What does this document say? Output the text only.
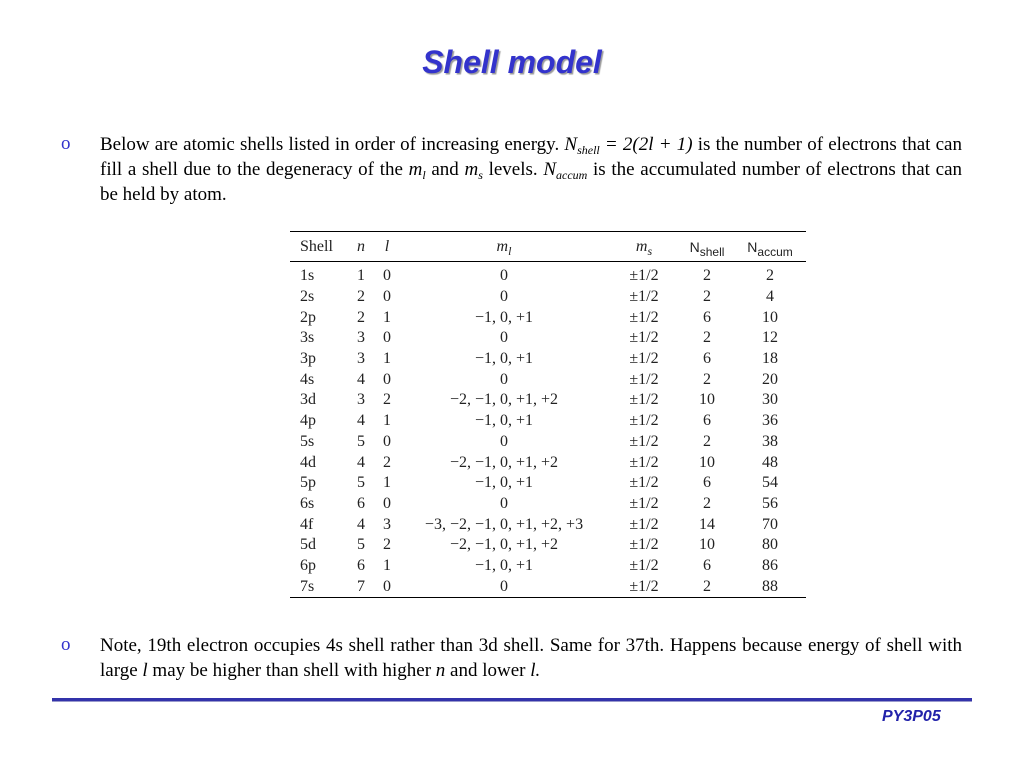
Shell model
o Below are atomic shells listed in order of increasing energy. $N_{shell} = 2(2l + 1)$ is the number of electrons that can fill a shell due to the degeneracy of the $m_l$ and $m_s$ levels. $N_{accum}$ is the accumulated number of electrons that can be held by atom.
Shell	n	l	$m_l$	$m_s$	$N_{shell}$	$N_{accum}$
1s	1	0	0	±1/2	2	2
2s	2	0	0	±1/2	2	4
2p	2	1	−1, 0, +1	±1/2	6	10
3s	3	0	0	±1/2	2	12
3p	3	1	−1, 0, +1	±1/2	6	18
4s	4	0	0	±1/2	2	20
3d	3	2	−2, −1, 0, +1, +2	±1/2	10	30
4p	4	1	−1, 0, +1	±1/2	6	36
5s	5	0	0	±1/2	2	38
4d	4	2	−2, −1, 0, +1, +2	±1/2	10	48
5p	5	1	−1, 0, +1	±1/2	6	54
6s	6	0	0	±1/2	2	56
4f	4	3	−3, −2, −1, 0, +1, +2, +3	±1/2	14	70
5d	5	2	−2, −1, 0, +1, +2	±1/2	10	80
6p	6	1	−1, 0, +1	±1/2	6	86
7s	7	0	0	±1/2	2	88
o Note, 19th electron occupies 4s shell rather than 3d shell. Same for 37th. Happens because energy of shell with large l may be higher than shell with higher n and lower l.
PY3P05
